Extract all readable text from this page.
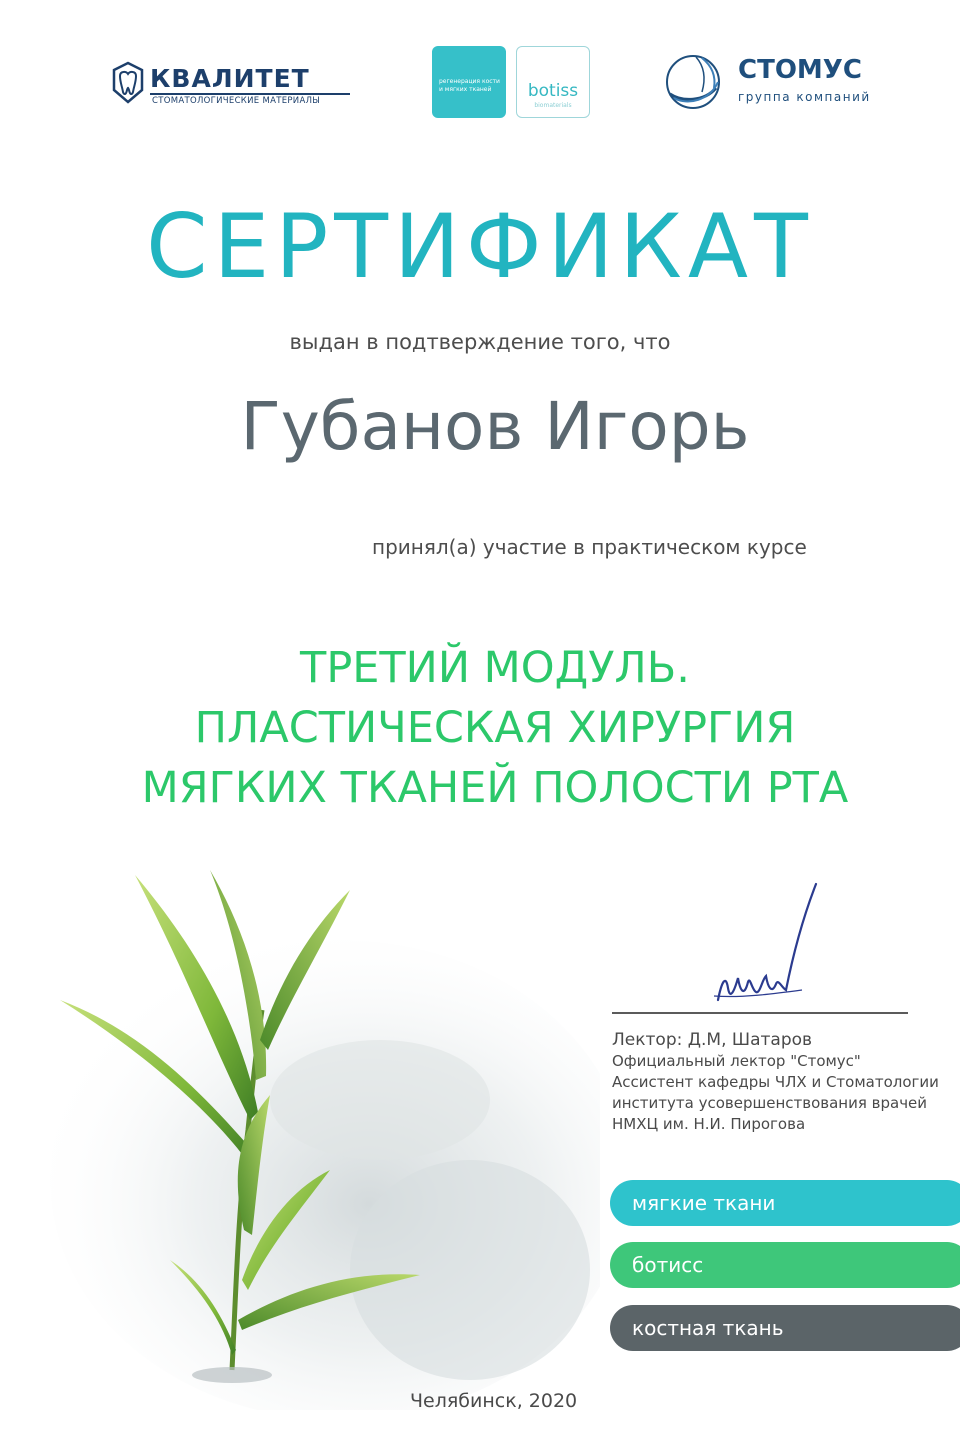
КВАЛИТЕТ
СТОМАТОЛОГИЧЕСКИЕ МАТЕРИАЛЫ
регенерация кости и мягких тканей	botiss
biomaterials
СТОМУС
группа компаний
СЕРТИФИКАТ
выдан в подтверждение того, что
Губанов Игорь
принял(а) участие в практическом курсе
ТРЕТИЙ МОДУЛЬ.
ПЛАСТИЧЕСКАЯ ХИРУРГИЯ
МЯГКИХ ТКАНЕЙ ПОЛОСТИ РТА
Лектор: Д.М, Шатаров
Официальный лектор "Стомус"
Ассистент кафедры ЧЛХ и Стоматологии
института усовершенствования врачей
НМХЦ им. Н.И. Пирогова
мягкие ткани
ботисс
костная ткань
Челябинск, 2020
